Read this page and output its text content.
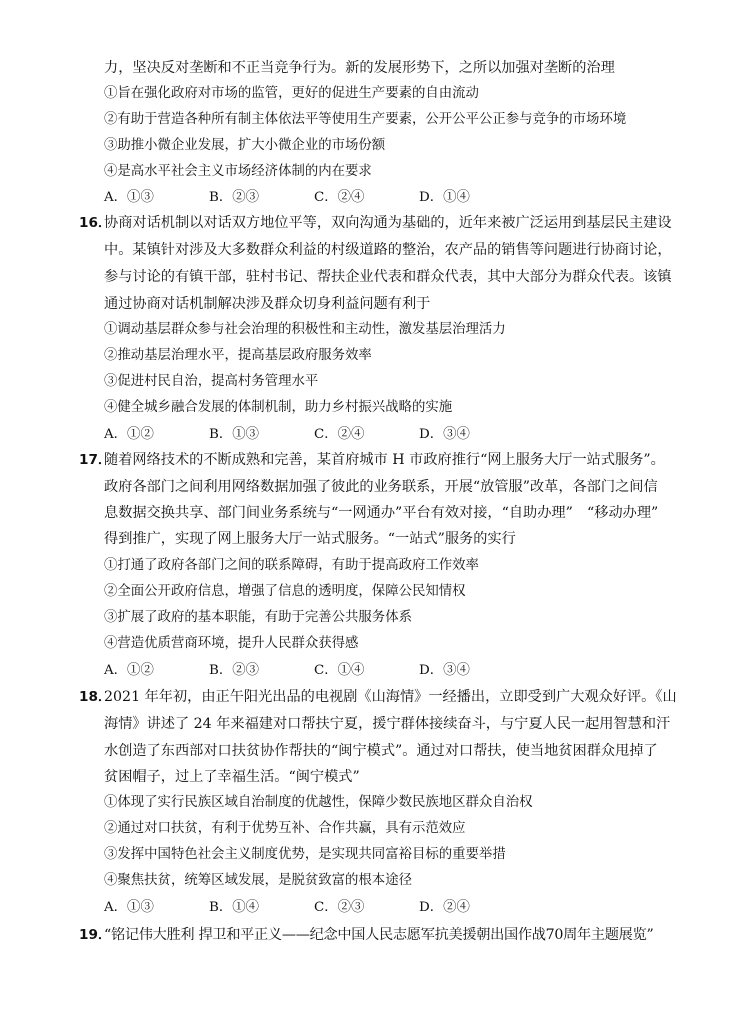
力，坚决反对垄断和不正当竞争行为。新的发展形势下，之所以加强对垄断的治理
①旨在强化政府对市场的监管，更好的促进生产要素的自由流动
②有助于营造各种所有制主体依法平等使用生产要素，公开公平公正参与竞争的市场环境
③助推小微企业发展，扩大小微企业的市场份额
④是高水平社会主义市场经济体制的内在要求
A．①③	B．②③	C．②④	D．①④
16．
协商对话机制以对话双方地位平等，双向沟通为基础的，近年来被广泛运用到基层民主建设
中。某镇针对涉及大多数群众利益的村级道路的整治，农产品的销售等问题进行协商讨论，
参与讨论的有镇干部，驻村书记、帮扶企业代表和群众代表，其中大部分为群众代表。该镇
通过协商对话机制解决涉及群众切身利益问题有利于
①调动基层群众参与社会治理的积极性和主动性，激发基层治理活力
②推动基层治理水平，提高基层政府服务效率
③促进村民自治，提高村务管理水平
④健全城乡融合发展的体制机制，助力乡村振兴战略的实施
A．①②	B．①③	C．②④	D．③④
17．
随着网络技术的不断成熟和完善，某首府城市 H 市政府推行“网上服务大厅一站式服务”。
政府各部门之间利用网络数据加强了彼此的业务联系，开展“放管服”改革，各部门之间信
息数据交换共享、部门间业务系统与“一网通办”平台有效对接，“自助办理”　“移动办理”
得到推广，实现了网上服务大厅一站式服务。“一站式”服务的实行
①打通了政府各部门之间的联系障碍，有助于提高政府工作效率
②全面公开政府信息，增强了信息的透明度，保障公民知情权
③扩展了政府的基本职能，有助于完善公共服务体系
④营造优质营商环境，提升人民群众获得感
A．①②	B．②③	C．①④	D．③④
18．
2021 年年初，由正午阳光出品的电视剧《山海情》一经播出，立即受到广大观众好评。《山
海情》讲述了 24 年来福建对口帮扶宁夏，援宁群体接续奋斗，与宁夏人民一起用智慧和汗
水创造了东西部对口扶贫协作帮扶的“闽宁模式”。通过对口帮扶，使当地贫困群众甩掉了
贫困帽子，过上了幸福生活。“闽宁模式”
①体现了实行民族区域自治制度的优越性，保障少数民族地区群众自治权
②通过对口扶贫，有利于优势互补、合作共赢，具有示范效应
③发挥中国特色社会主义制度优势，是实现共同富裕目标的重要举措
④聚焦扶贫，统筹区域发展，是脱贫致富的根本途径
A．①③	B．①④	C．②③	D．②④
19．
“铭记伟大胜利 捍卫和平正义——纪念中国人民志愿军抗美援朝出国作战70周年主题展览”
